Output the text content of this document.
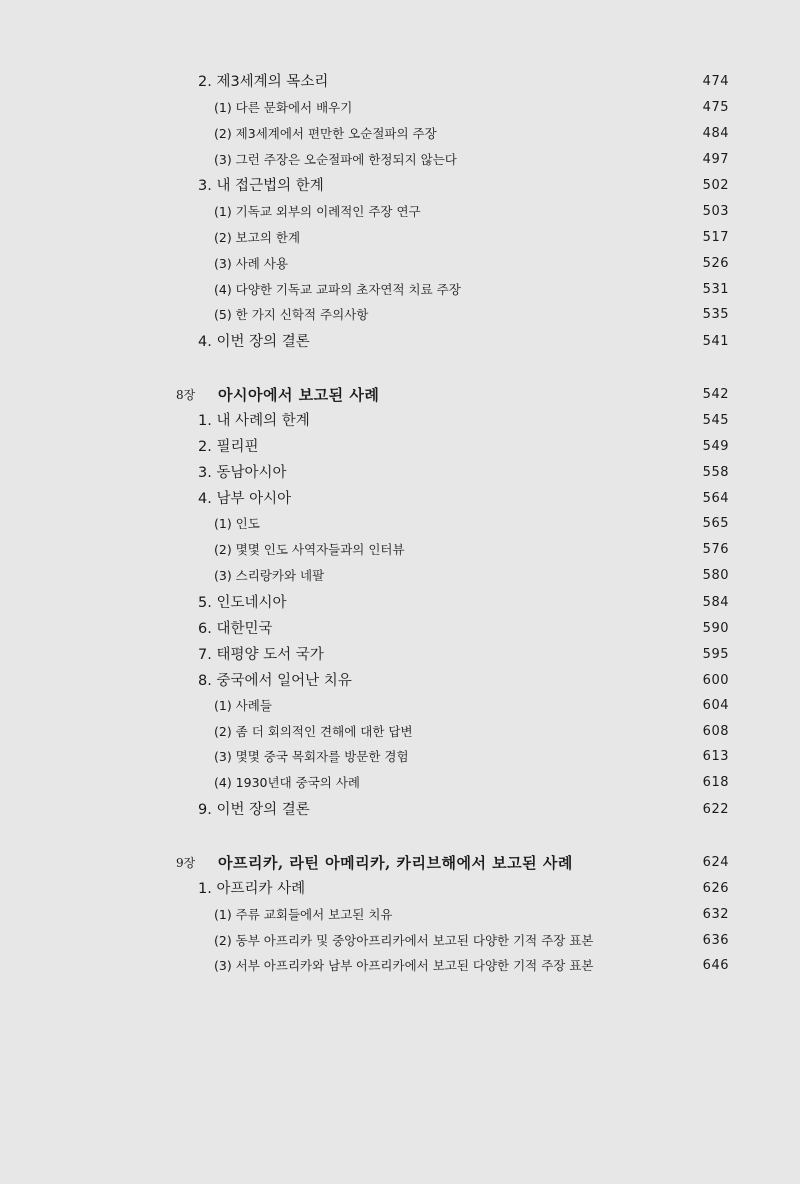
2. 제3세계의 목소리	474
(1) 다른 문화에서 배우기	475
(2) 제3세계에서 편만한 오순절파의 주장	484
(3) 그런 주장은 오순절파에 한정되지 않는다	497
3. 내 접근법의 한계	502
(1) 기독교 외부의 이례적인 주장 연구	503
(2) 보고의 한계	517
(3) 사례 사용	526
(4) 다양한 기독교 교파의 초자연적 치료 주장	531
(5) 한 가지 신학적 주의사항	535
4. 이번 장의 결론	541
8장 아시아에서 보고된 사례	542
1. 내 사례의 한계	545
2. 필리핀	549
3. 동남아시아	558
4. 남부 아시아	564
(1) 인도	565
(2) 몇몇 인도 사역자들과의 인터뷰	576
(3) 스리랑카와 네팔	580
5. 인도네시아	584
6. 대한민국	590
7. 태평양 도서 국가	595
8. 중국에서 일어난 치유	600
(1) 사례들	604
(2) 좀 더 회의적인 견해에 대한 답변	608
(3) 몇몇 중국 목회자를 방문한 경험	613
(4) 1930년대 중국의 사례	618
9. 이번 장의 결론	622
9장 아프리카, 라틴 아메리카, 카리브해에서 보고된 사례	624
1. 아프리카 사례	626
(1) 주류 교회들에서 보고된 치유	632
(2) 동부 아프리카 및 중앙아프리카에서 보고된 다양한 기적 주장 표본	636
(3) 서부 아프리카와 남부 아프리카에서 보고된 다양한 기적 주장 표본	646
